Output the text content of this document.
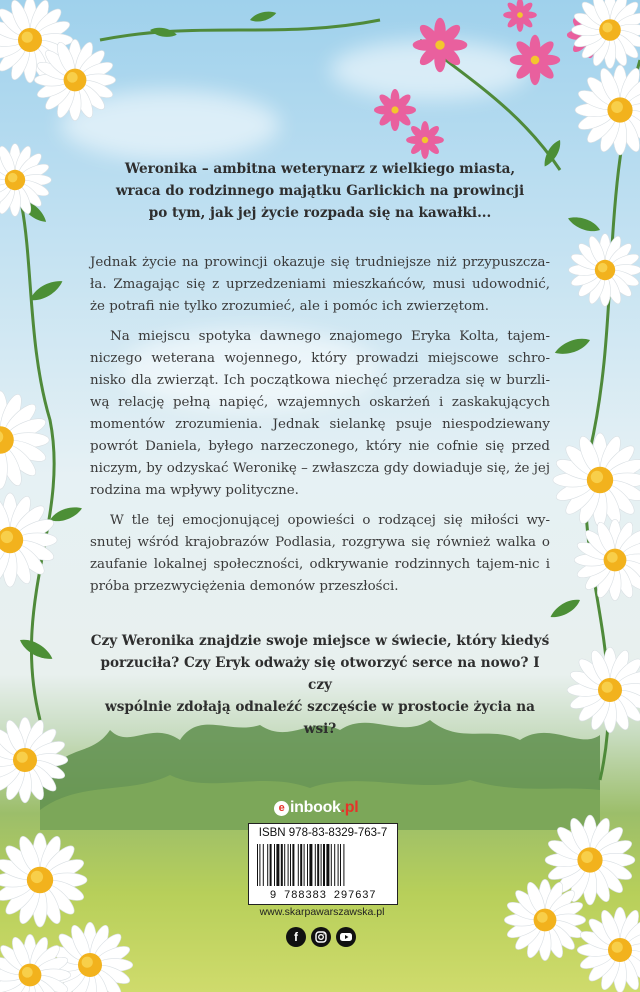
Weronika – ambitna weterynarz z wielkiego miasta,
wraca do rodzinnego majątku Garlickich na prowincji
po tym, jak jej życie rozpada się na kawałki...

Jednak życie na prowincji okazuje się trudniejsze niż przypuszcza-ła. Zmagając się z uprzedzeniami mieszkańców, musi udowodnić, że potrafi nie tylko zrozumieć, ale i pomóc ich zwierzętom.

Na miejscu spotyka dawnego znajomego Eryka Kolta, tajem-niczego weterana wojennego, który prowadzi miejscowe schro-nisko dla zwierząt. Ich początkowa niechęć przeradza się w burzli-wą relację pełną napięć, wzajemnych oskarżeń i zaskakujących momentów zrozumienia. Jednak sielankę psuje niespodziewany powrót Daniela, byłego narzeczonego, który nie cofnie się przed niczym, by odzyskać Weronikę – zwłaszcza gdy dowiaduje się, że jej rodzina ma wpływy polityczne.

W tle tej emocjonującej opowieści o rodzącej się miłości wy-snutej wśród krajobrazów Podlasia, rozgrywa się również walka o zaufanie lokalnej społeczności, odkrywanie rodzinnych tajem-nic i próba przezwyciężenia demonów przeszłości.

Czy Weronika znajdzie swoje miejsce w świecie, który kiedyś
porzuciła? Czy Eryk odważy się otworzyć serce na nowo? I czy
wspólnie zdołają odnaleźć szczęście w prostocie życia na wsi?
e inbook.pl
ISBN 978-83-8329-763-7
9 788383 297637
www.skarpawarszawska.pl
f
